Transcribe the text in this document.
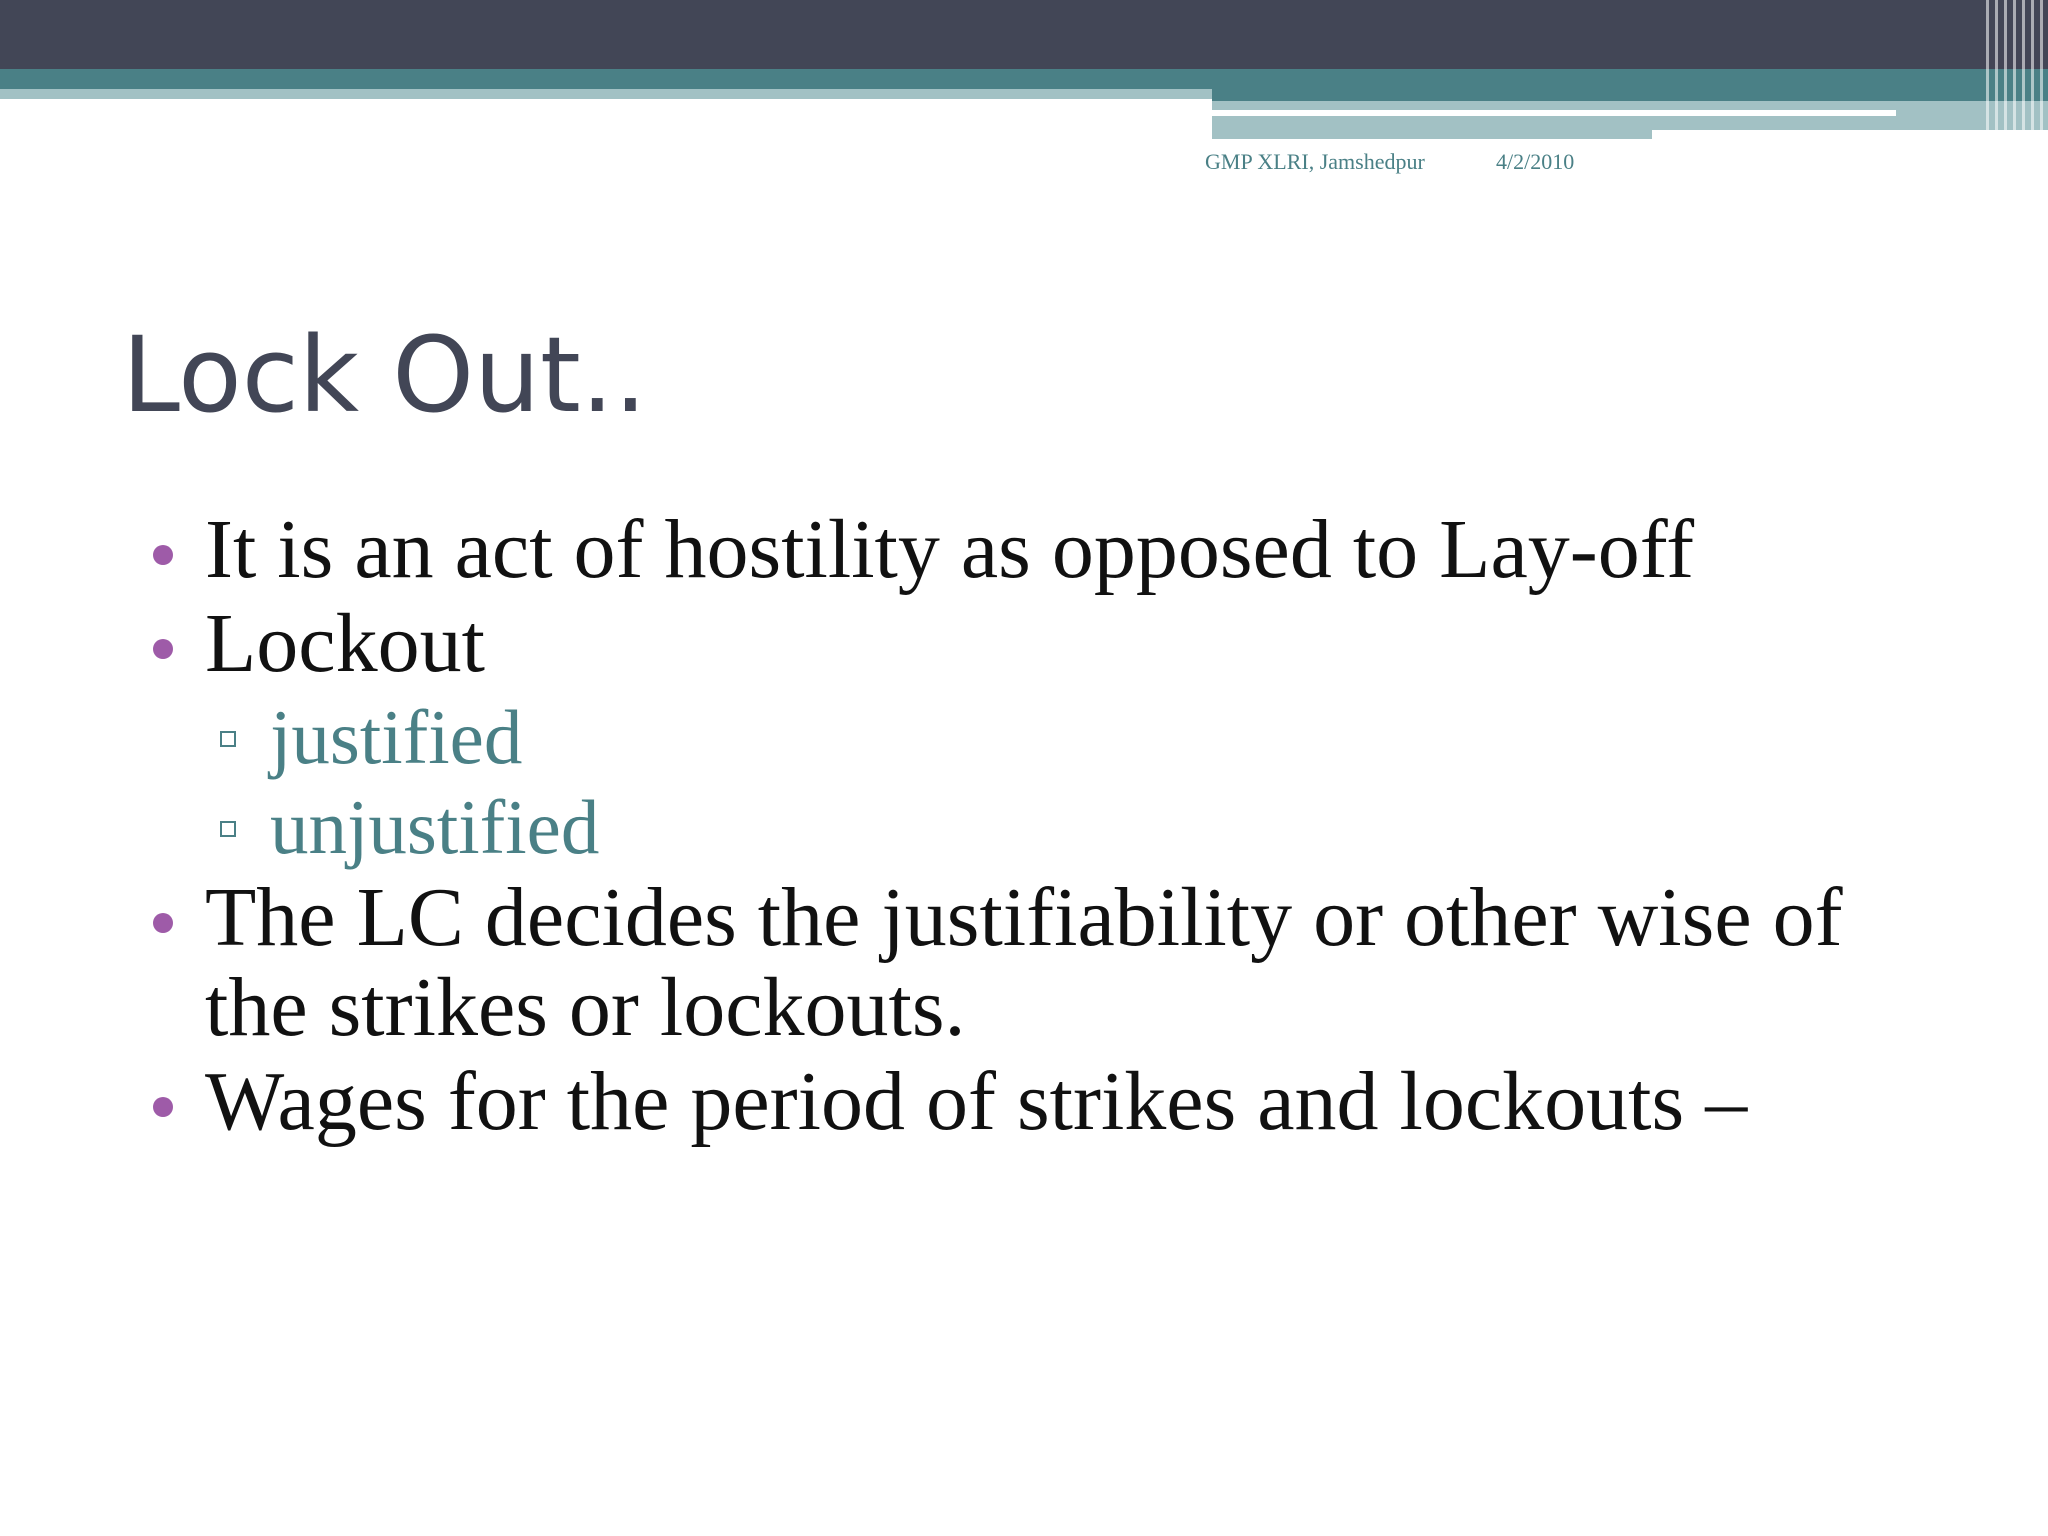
GMP XLRI, Jamshedpur	4/2/2010
Lock Out..
It is an act of hostility as opposed to Lay-off
Lockout
justified
unjustified
The LC decides the justifiability or other wise of the strikes or lockouts.
Wages for the period of strikes and lockouts –
